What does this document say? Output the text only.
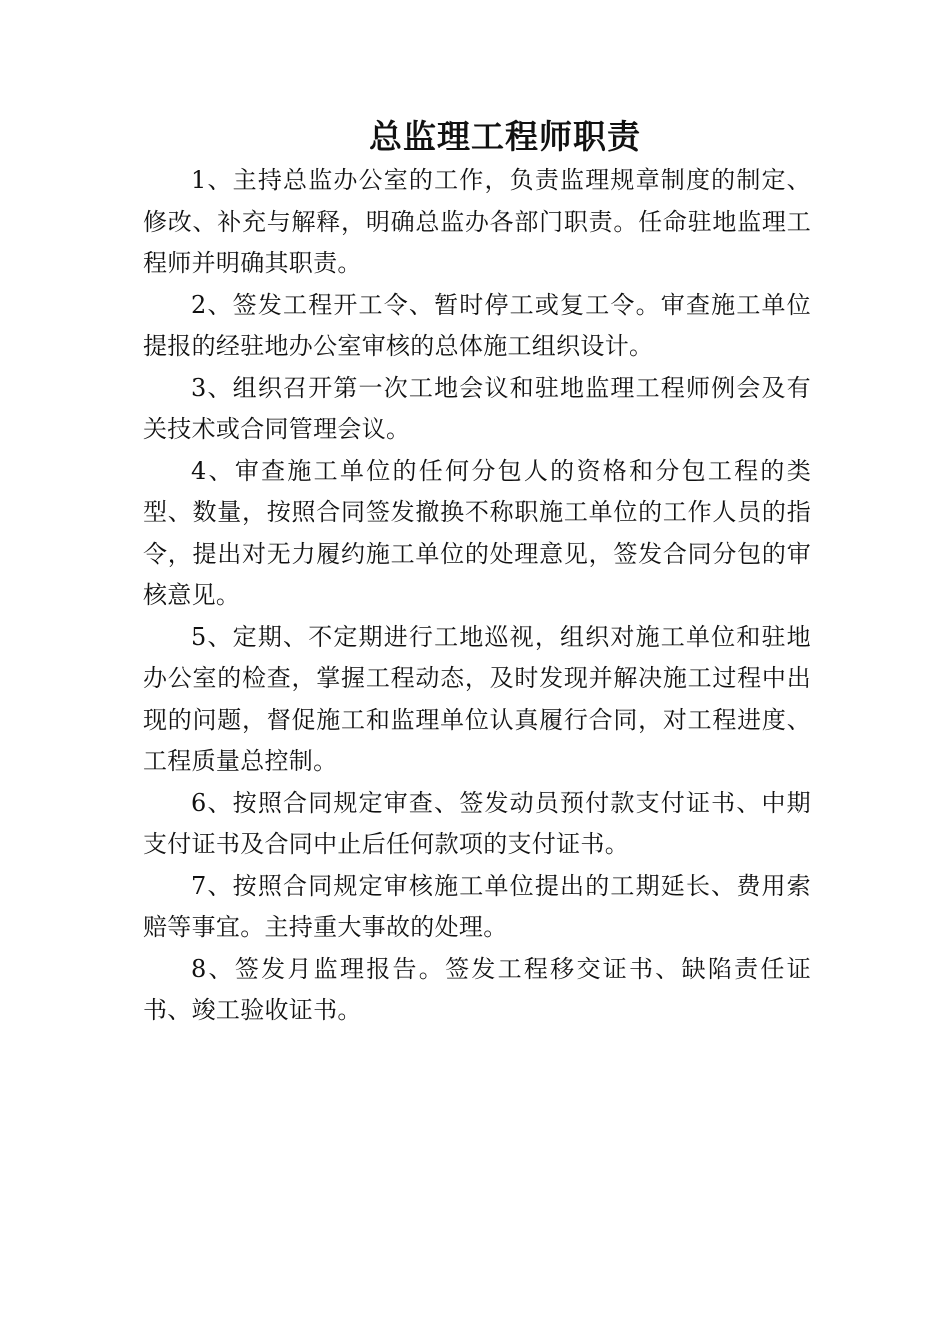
总监理工程师职责

1、主持总监办公室的工作，负责监理规章制度的制定、修改、补充与解释，明确总监办各部门职责。任命驻地监理工程师并明确其职责。

2、签发工程开工令、暂时停工或复工令。审查施工单位提报的经驻地办公室审核的总体施工组织设计。

3、组织召开第一次工地会议和驻地监理工程师例会及有关技术或合同管理会议。

4、审查施工单位的任何分包人的资格和分包工程的类型、数量，按照合同签发撤换不称职施工单位的工作人员的指令，提出对无力履约施工单位的处理意见，签发合同分包的审核意见。

5、定期、不定期进行工地巡视，组织对施工单位和驻地办公室的检查，掌握工程动态，及时发现并解决施工过程中出现的问题，督促施工和监理单位认真履行合同，对工程进度、工程质量总控制。

6、按照合同规定审查、签发动员预付款支付证书、中期支付证书及合同中止后任何款项的支付证书。

7、按照合同规定审核施工单位提出的工期延长、费用索赔等事宜。主持重大事故的处理。

8、签发月监理报告。签发工程移交证书、缺陷责任证书、竣工验收证书。
